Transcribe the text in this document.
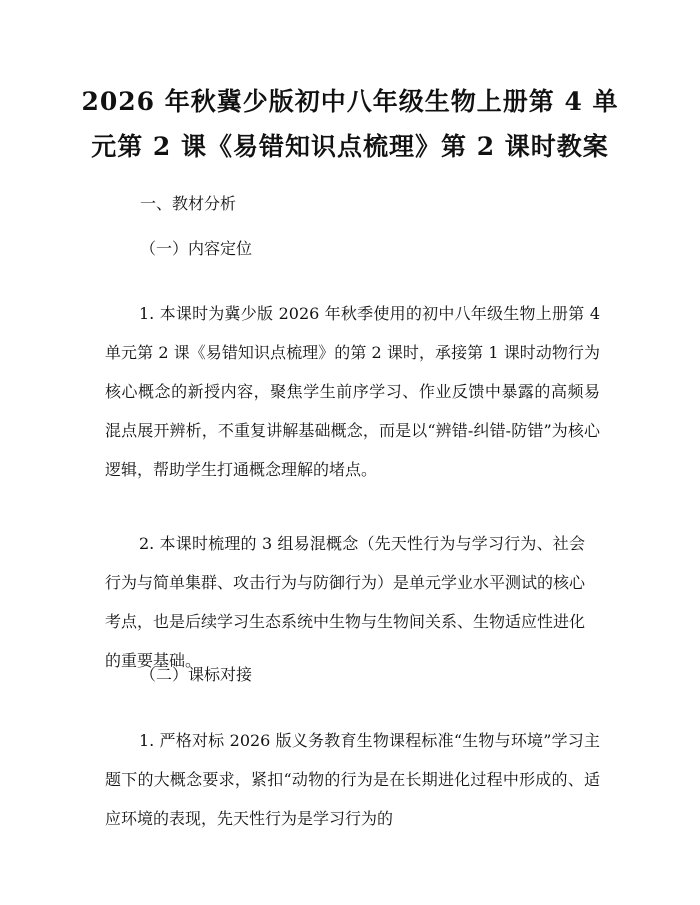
2026 年秋冀少版初中八年级生物上册第 4 单
元第 2 课《易错知识点梳理》第 2 课时教案
一、教材分析
（一）内容定位

1. 本课时为冀少版 2026 年秋季使用的初中八年级生物上册第 4 单元第 2 课《易错知识点梳理》的第 2 课时，承接第 1 课时动物行为核心概念的新授内容，聚焦学生前序学习、作业反馈中暴露的高频易混点展开辨析，不重复讲解基础概念，而是以“辨错-纠错-防错”为核心逻辑，帮助学生打通概念理解的堵点。

2. 本课时梳理的 3 组易混概念（先天性行为与学习行为、社会行为与简单集群、攻击行为与防御行为）是单元学业水平测试的核心考点，也是后续学习生态系统中生物与生物间关系、生物适应性进化的重要基础。

（二）课标对接

1. 严格对标 2026 版义务教育生物课程标准“生物与环境”学习主题下的大概念要求，紧扣“动物的行为是在长期进化过程中形成的、适应环境的表现，先天性行为是学习行为的
